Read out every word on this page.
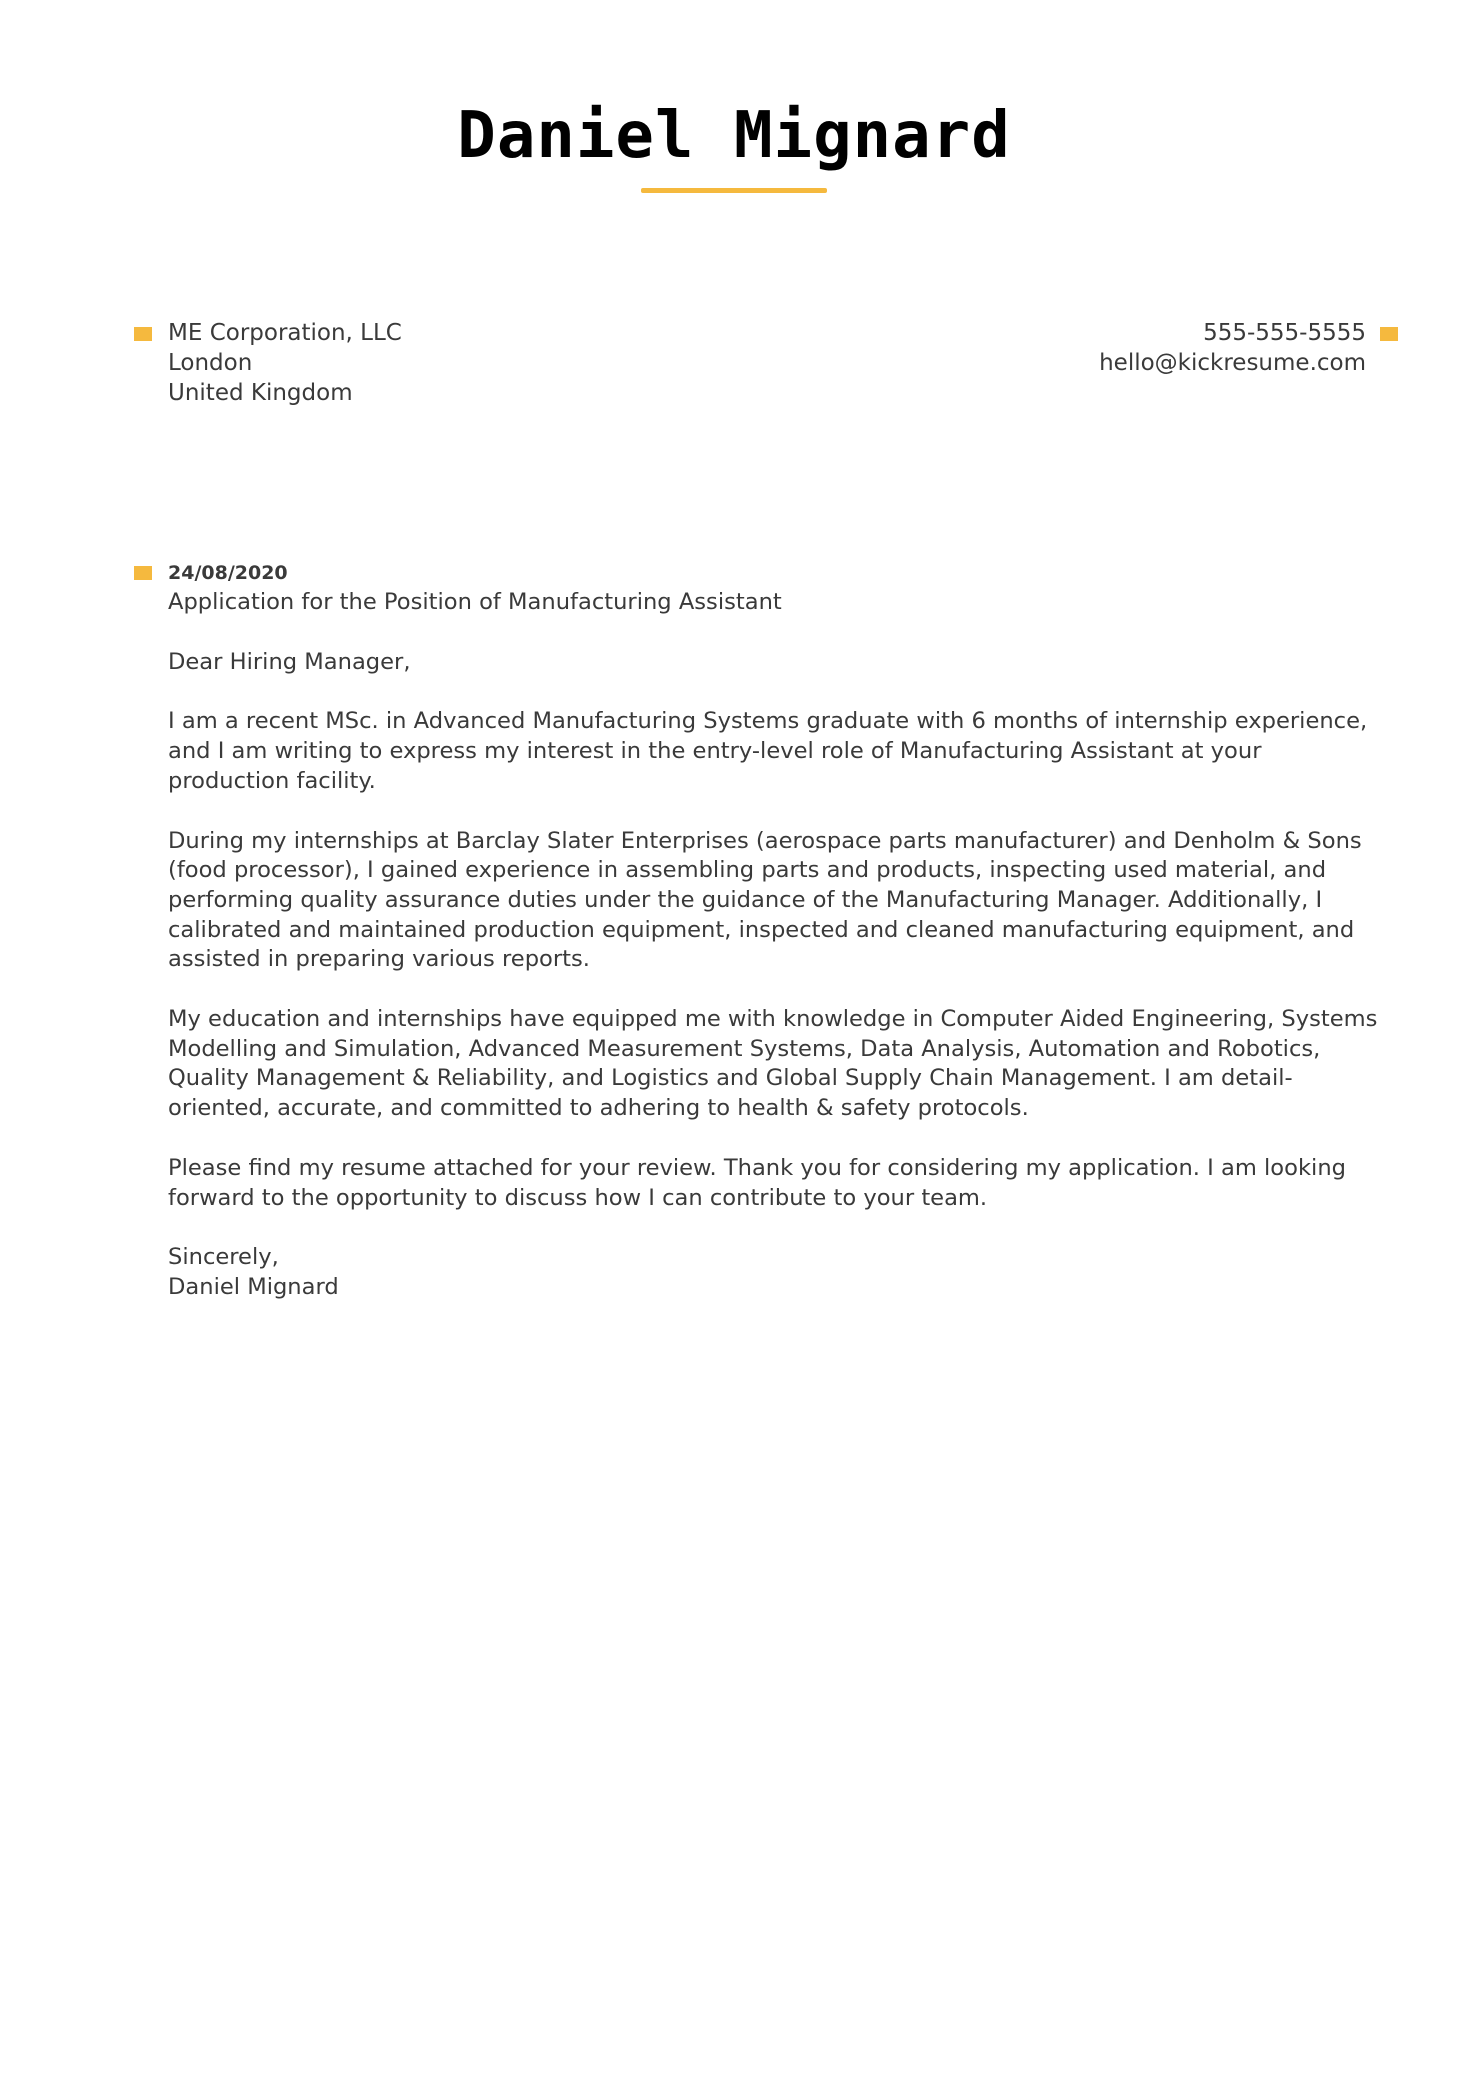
Daniel Mignard
ME Corporation, LLC
London
United Kingdom
555-555-5555
hello@kickresume.com
24/08/2020

Application for the Position of Manufacturing Assistant

Dear Hiring Manager,

I am a recent MSc. in Advanced Manufacturing Systems graduate with 6 months of internship experience, and I am writing to express my interest in the entry-level role of Manufacturing Assistant at your production facility.

During my internships at Barclay Slater Enterprises (aerospace parts manufacturer) and Denholm & Sons (food processor), I gained experience in assembling parts and products, inspecting used material, and performing quality assurance duties under the guidance of the Manufacturing Manager. Additionally, I calibrated and maintained production equipment, inspected and cleaned manufacturing equipment, and assisted in preparing various reports.

My education and internships have equipped me with knowledge in Computer Aided Engineering, Systems Modelling and Simulation, Advanced Measurement Systems, Data Analysis, Automation and Robotics, Quality Management & Reliability, and Logistics and Global Supply Chain Management. I am detail-oriented, accurate, and committed to adhering to health & safety protocols.

Please find my resume attached for your review. Thank you for considering my application. I am looking forward to the opportunity to discuss how I can contribute to your team.

Sincerely,
Daniel Mignard
